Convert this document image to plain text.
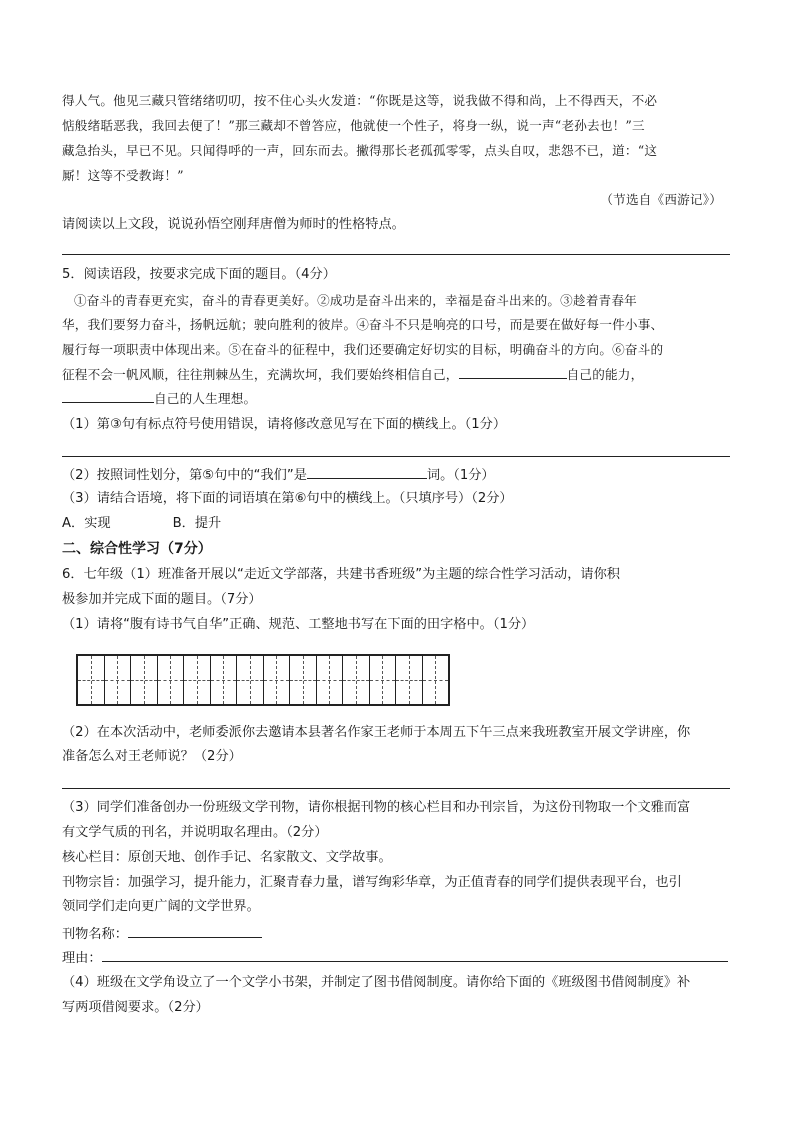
得人气。他见三藏只管绪绪叨叨，按不住心头火发道：“你既是这等，说我做不得和尚，上不得西天，不必
惦般绪聒恶我，我回去便了！”那三藏却不曾答应，他就使一个性子，将身一纵，说一声“老孙去也！”三
藏急抬头，早已不见。只闻得呼的一声，回东而去。撇得那长老孤孤零零，点头自叹，悲怨不已，道：“这
厮！这等不受教诲！”
（节选自《西游记》）
请阅读以上文段，说说孙悟空刚拜唐僧为师时的性格特点。
5．阅读语段，按要求完成下面的题目。（4分）
①奋斗的青春更充实，奋斗的青春更美好。②成功是奋斗出来的，幸福是奋斗出来的。③趁着青春年
华，我们要努力奋斗，扬帆远航；驶向胜利的彼岸。④奋斗不只是响亮的口号，而是要在做好每一件小事、
履行每一项职责中体现出来。⑤在奋斗的征程中，我们还要确定好切实的目标，明确奋斗的方向。⑥奋斗的
征程不会一帆风顺，往往荆棘丛生，充满坎坷，我们要始终相信自己，	自己的能力，
自己的人生理想。
（1）第③句有标点符号使用错误，请将修改意见写在下面的横线上。（1分）
（2）按照词性划分，第⑤句中的“我们”是	词。（1分）
（3）请结合语境，将下面的词语填在第⑥句中的横线上。（只填序号）（2分）
A．实现	B．提升
二、综合性学习（7分）
6．七年级（1）班准备开展以“走近文学部落，共建书香班级”为主题的综合性学习活动，请你积
极参加并完成下面的题目。（7分）
（1）请将“腹有诗书气自华”正确、规范、工整地书写在下面的田字格中。（1分）
（2）在本次活动中，老师委派你去邀请本县著名作家王老师于本周五下午三点来我班教室开展文学讲座，你
准备怎么对王老师说？（2分）
（3）同学们准备创办一份班级文学刊物，请你根据刊物的核心栏目和办刊宗旨，为这份刊物取一个文雅而富
有文学气质的刊名，并说明取名理由。（2分）
核心栏目：原创天地、创作手记、名家散文、文学故事。
刊物宗旨：加强学习，提升能力，汇聚青春力量，谱写绚彩华章，为正值青春的同学们提供表现平台，也引
领同学们走向更广阔的文学世界。
刊物名称：
理由：
（4）班级在文学角设立了一个文学小书架，并制定了图书借阅制度。请你给下面的《班级图书借阅制度》补
写两项借阅要求。（2分）
